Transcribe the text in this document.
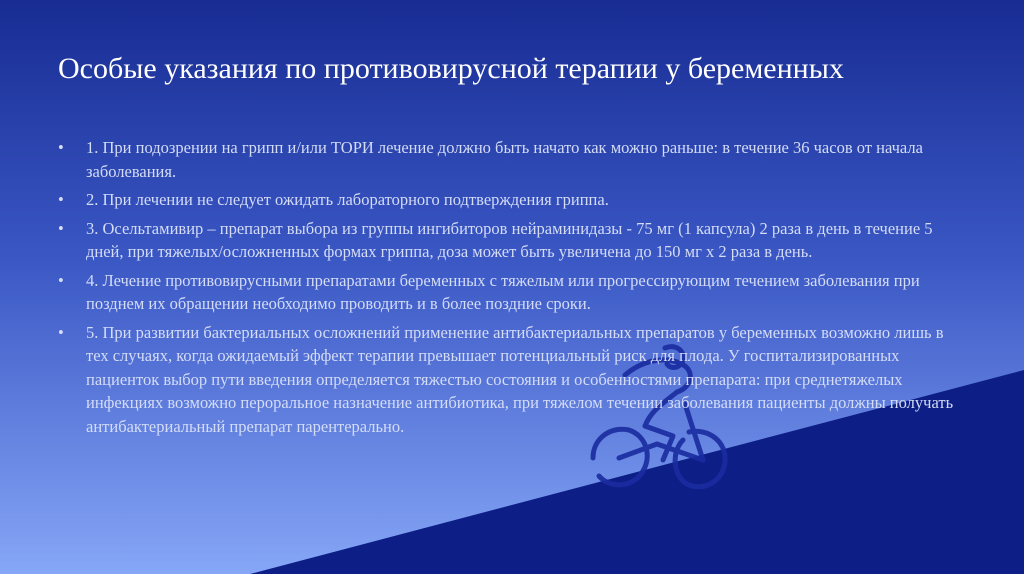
Особые указания по противовирусной терапии у беременных
• 1. При подозрении на грипп и/или ТОРИ лечение должно быть начато как можно раньше: в течение 36 часов от начала заболевания.
• 2. При лечении не следует ожидать лабораторного подтверждения гриппа.
• 3. Осельтамивир – препарат выбора из группы ингибиторов нейраминидазы - 75 мг (1 капсула) 2 раза в день в течение 5 дней, при тяжелых/осложненных формах гриппа, доза может быть увеличена до 150 мг х 2 раза в день.
• 4. Лечение противовирусными препаратами беременных с тяжелым или прогрессирующим течением заболевания при позднем их обращении необходимо проводить и в более поздние сроки.
• 5. При развитии бактериальных осложнений применение антибактериальных препаратов у беременных возможно лишь в тех случаях, когда ожидаемый эффект терапии превышает потенциальный риск для плода. У госпитализированных пациенток выбор пути введения определяется тяжестью состояния и особенностями препарата: при среднетяжелых инфекциях возможно пероральное назначение антибиотика, при тяжелом течении заболевания пациенты должны получать антибактериальный препарат парентерально.
